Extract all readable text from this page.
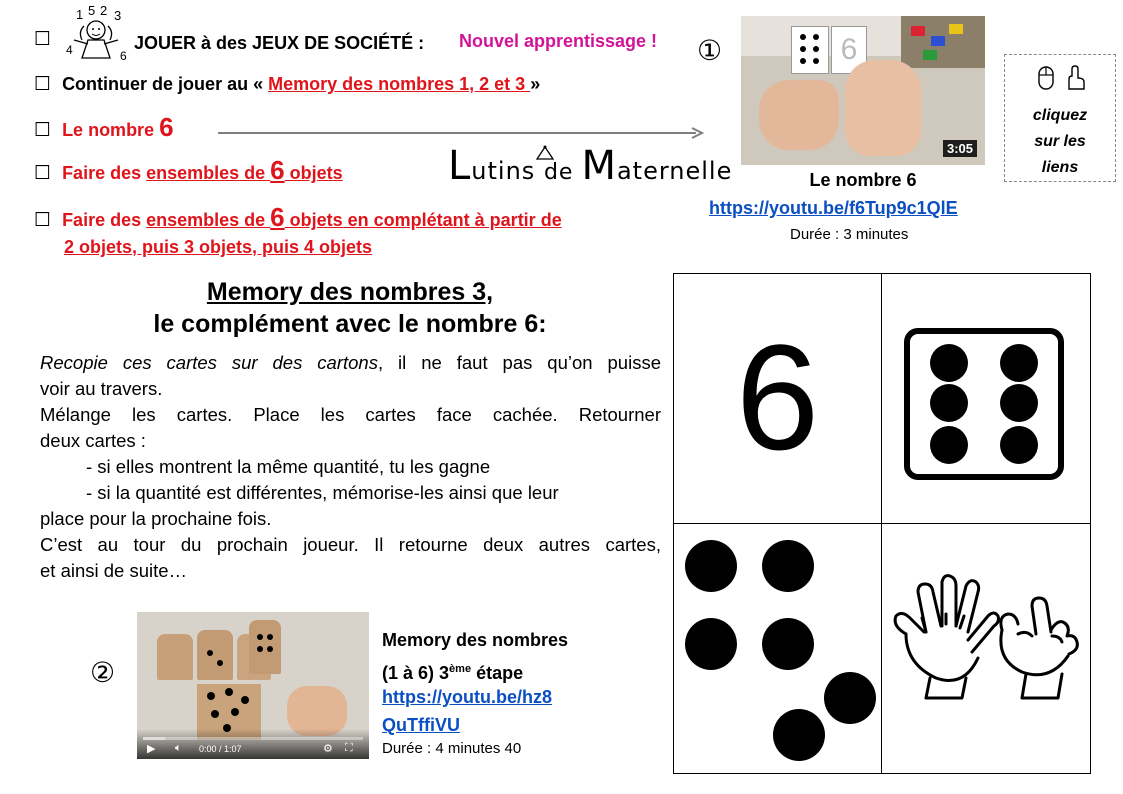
☐
1 5 2 3
4	6
JOUER à des JEUX DE SOCIÉTÉ : Nouvel apprentissage !
☐ Continuer de jouer au « Memory des nombres 1, 2 et 3 »
☐ Le nombre 6
☐ Faire des ensembles de 6 objets	Lutins de Maternelle
☐ Faire des ensembles de 6 objets en complétant à partir de
2 objets, puis 3 objets, puis 4 objets
①	6
3:05
Le nombre 6
https://youtu.be/f6Tup9c1QlE
Durée : 3 minutes
cliquez
sur les
liens
Memory des nombres 3,
le complément avec le nombre 6:
Recopie ces cartes sur des cartons, il ne faut pas qu’on puisse
voir au travers.
Mélange les cartes. Place les cartes face cachée. Retourner
deux cartes :
- si elles montrent la même quantité, tu les gagne
- si la quantité est différentes, mémorise-les ainsi que leur
place pour la prochaine fois.
C’est au tour du prochain joueur. Il retourne deux autres cartes,
et ainsi de suite…
②
▶ 🔈︎ 0:00 / 1:07	⚙ ⛶
Memory des nombres
(1 à 6) 3ème étape
https://youtu.be/hz8
QuTffiVU
Durée : 4 minutes 40
6
